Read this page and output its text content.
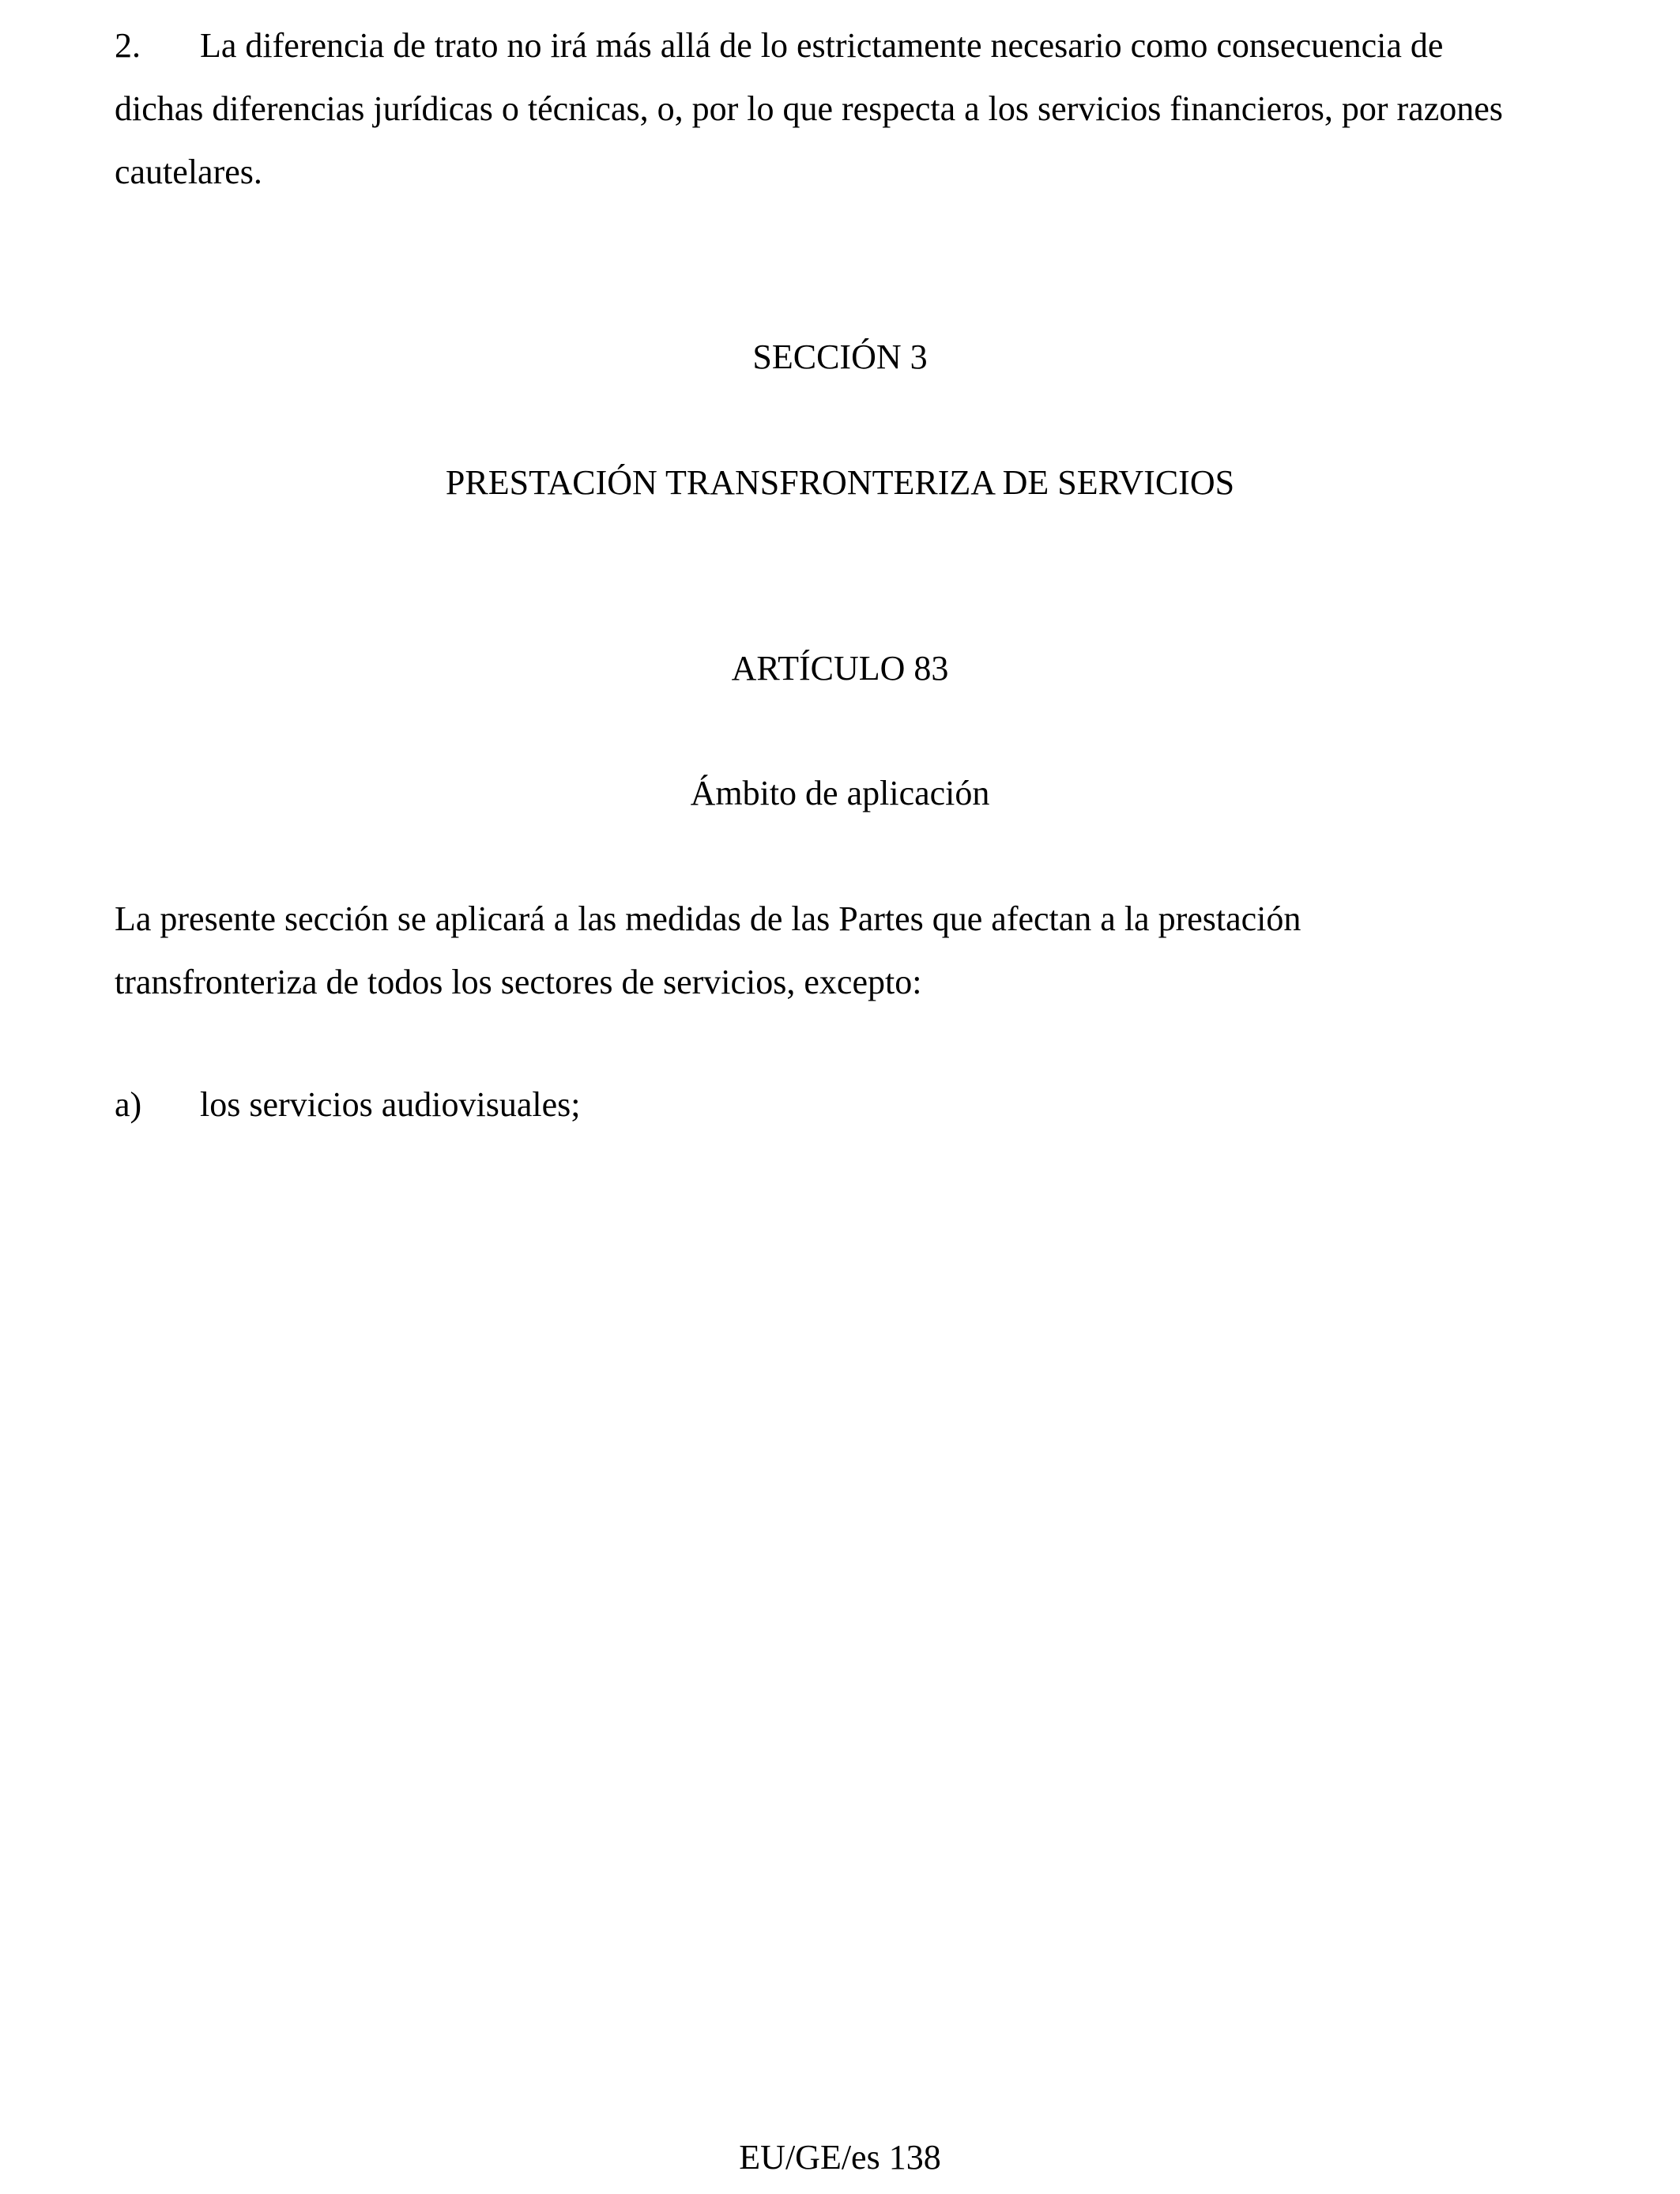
2. La diferencia de trato no irá más allá de lo estrictamente necesario como consecuencia de
dichas diferencias jurídicas o técnicas, o, por lo que respecta a los servicios financieros, por razones
cautelares.
SECCIÓN 3
PRESTACIÓN TRANSFRONTERIZA DE SERVICIOS
ARTÍCULO 83
Ámbito de aplicación
La presente sección se aplicará a las medidas de las Partes que afectan a la prestación
transfronteriza de todos los sectores de servicios, excepto:
a) los servicios audiovisuales;
EU/GE/es 138
